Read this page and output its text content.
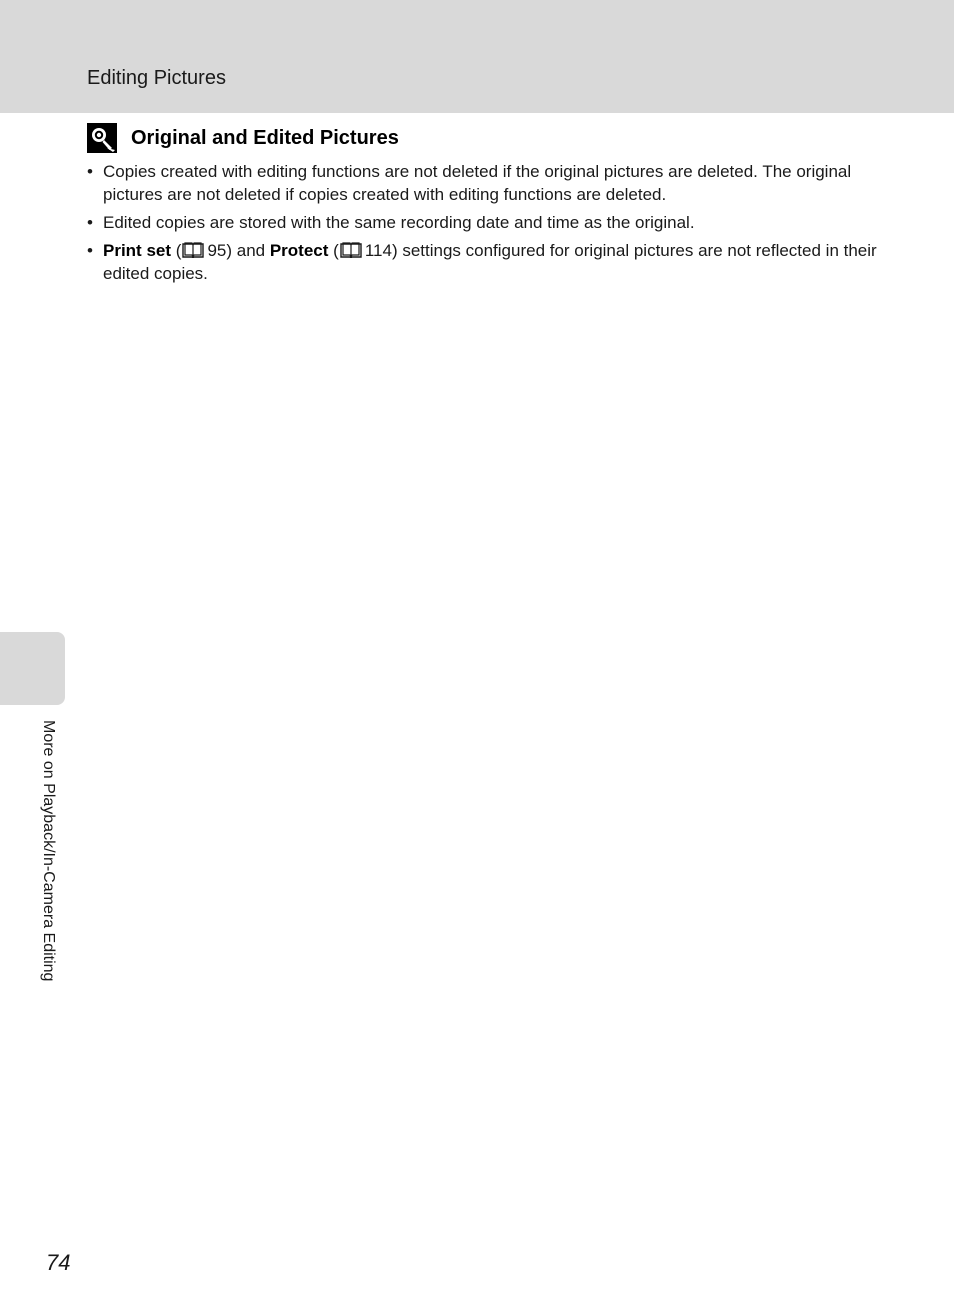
Editing Pictures
Original and Edited Pictures
• Copies created with editing functions are not deleted if the original pictures are deleted. The original pictures are not deleted if copies created with editing functions are deleted.
• Edited copies are stored with the same recording date and time as the original.
• Print set ( 95) and Protect ( 114) settings configured for original pictures are not reflected in their edited copies.
More on Playback/In-Camera Editing
74
